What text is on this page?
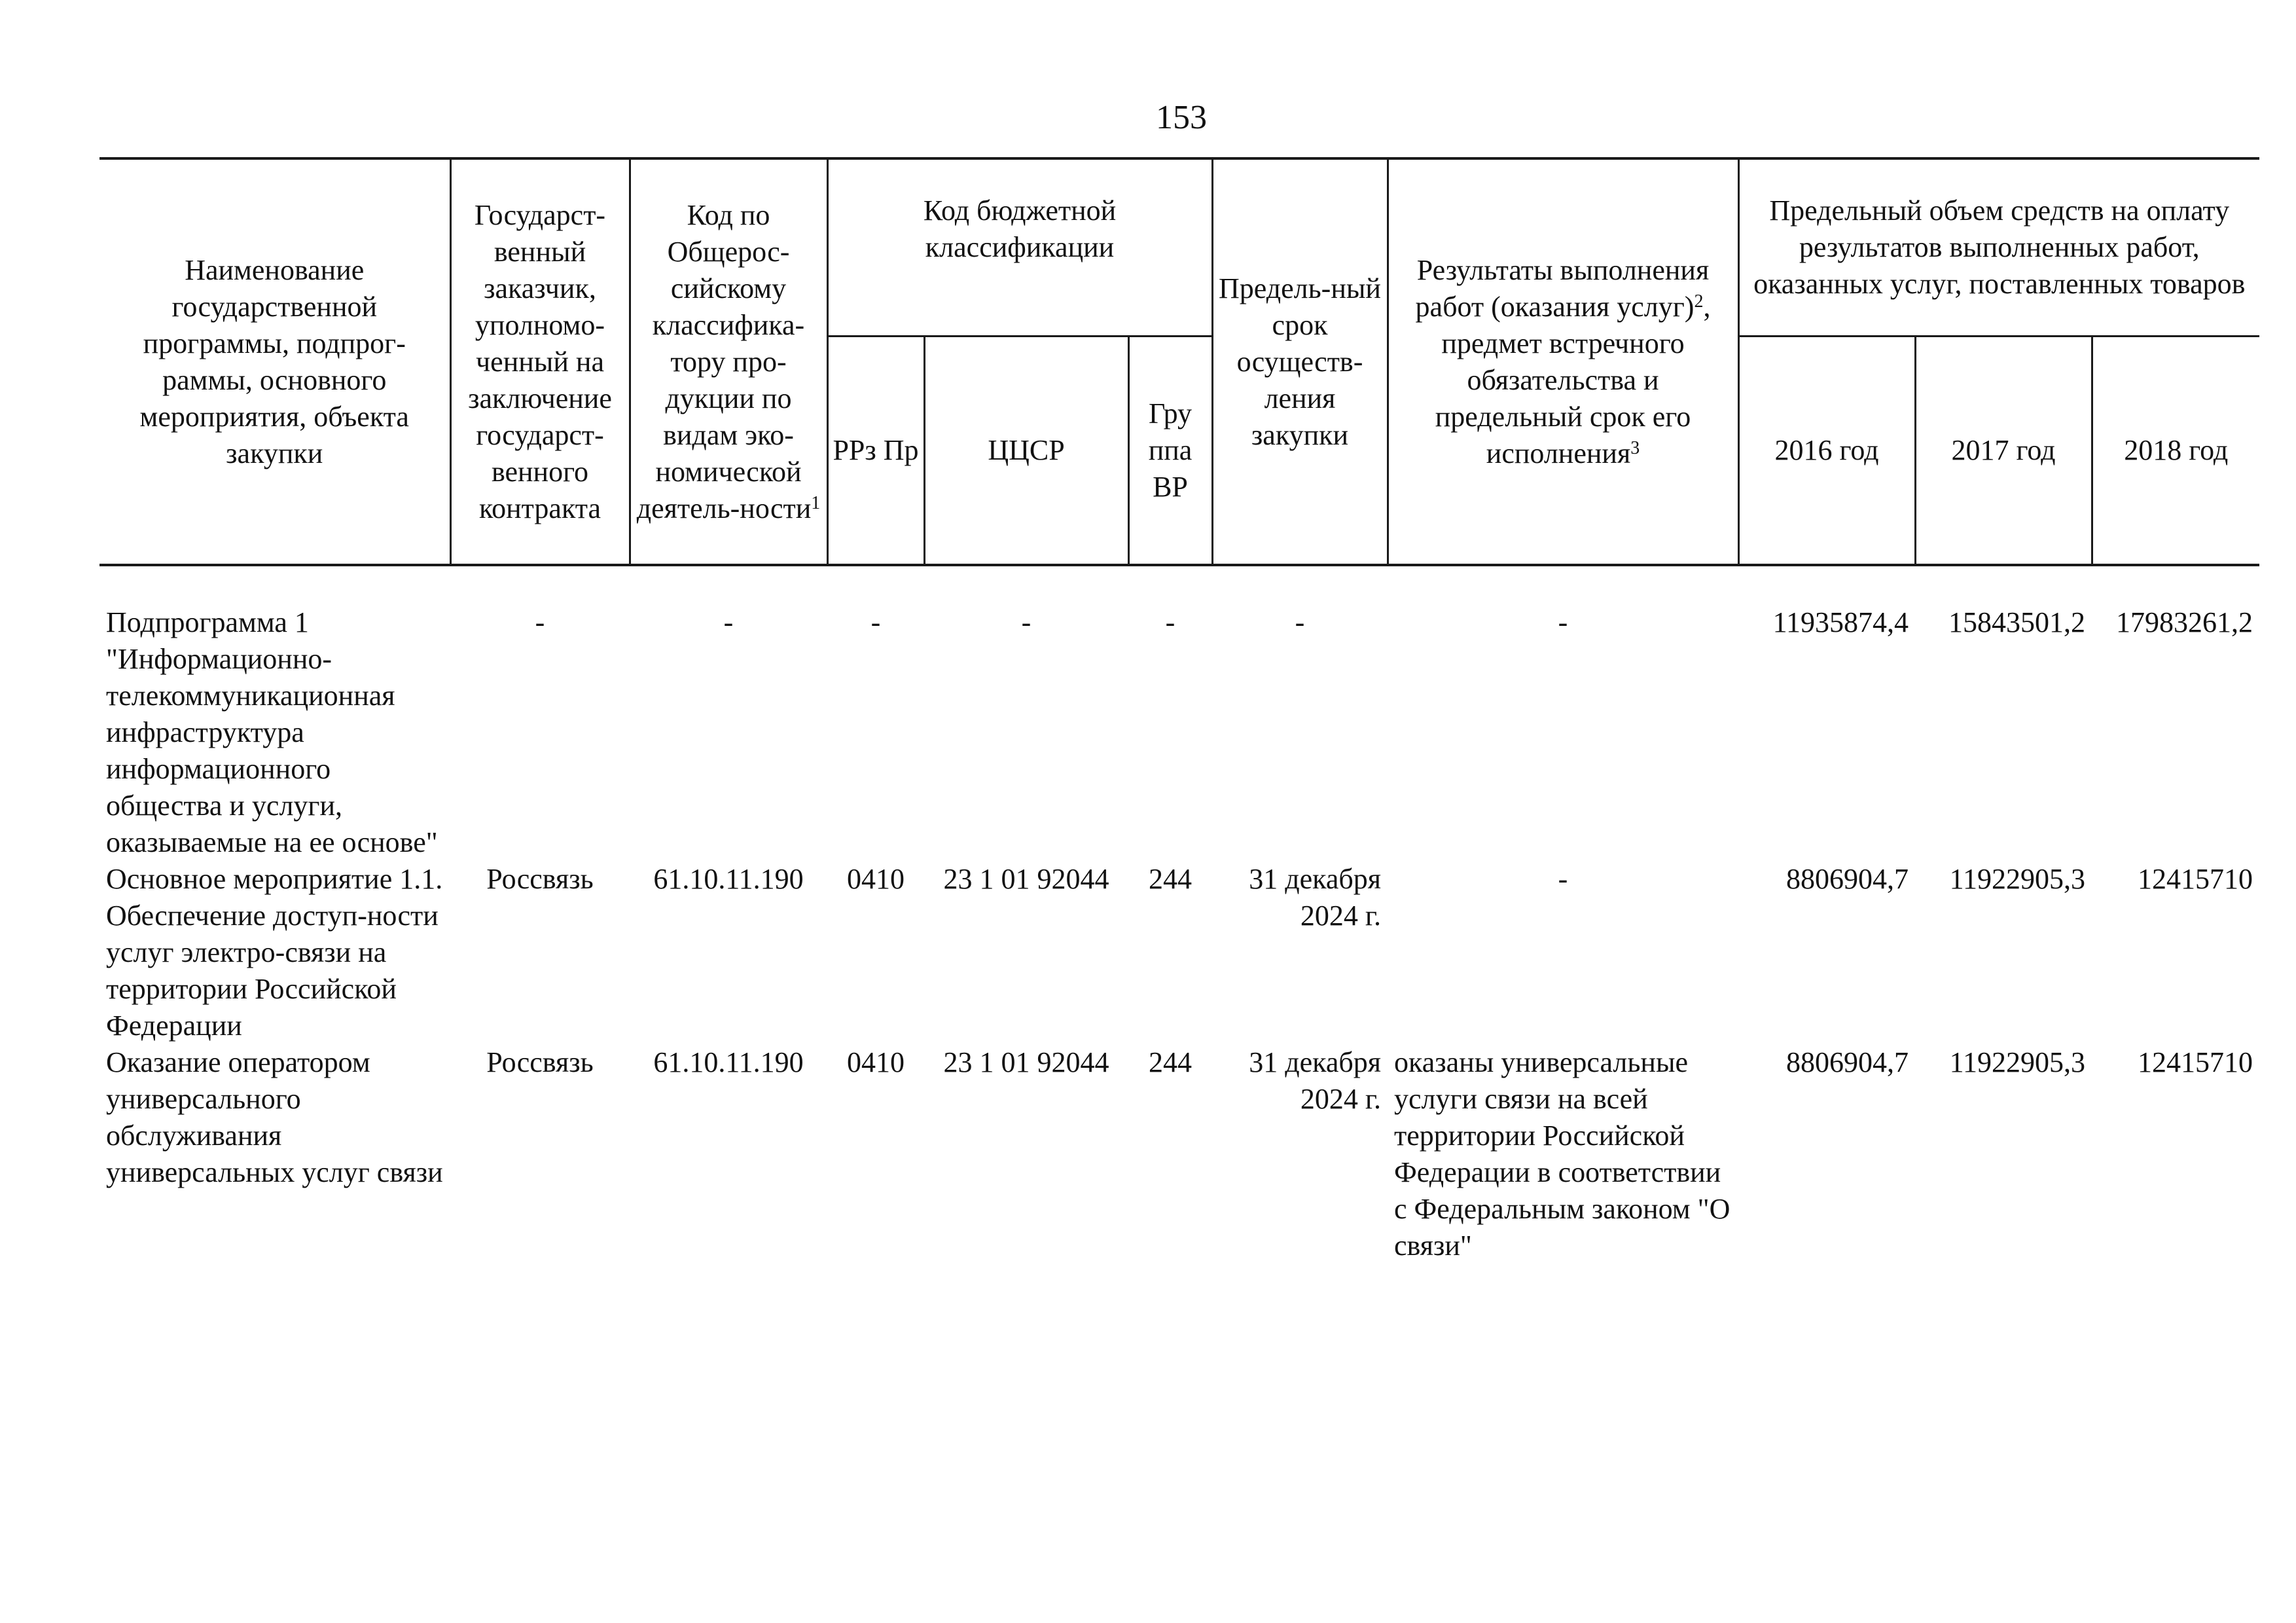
153
Наименование государственной программы, подпрог-раммы, основного мероприятия, объекта закупки	Государст-венный заказчик, уполномо-ченный на заключение государст-венного контракта	Код по Общерос-сийскому классифика-тору про-дукции по видам эко-номической деятель-ности$^1$	Код бюджетной классификации			Предель-ный срок осуществ-ления закупки	Результаты выполнения работ (оказания услуг)$^2$, предмет встречного обязательства и предельный срок его исполнения$^3$	Предельный объем средств на оплату результатов выполненных работ, оказанных услуг, поставленных товаров		
			РРз Пр	ЦЦСР	Гру ппа ВР			2016 год	2017 год	2018 год

Подпрограмма 1 "Информационно-телекоммуникационная инфраструктура информационного общества и услуги, оказываемые на ее основе"	-	-	-	-	-	-	-	11935874,4	15843501,2	17983261,2
Основное мероприятие 1.1. Обеспечение доступ-ности услуг электро-связи на территории Российской Федерации	Россвязь	61.10.11.190	0410	23 1 01 92044	244	31 декабря 2024 г.	-	8806904,7	11922905,3	12415710
Оказание оператором универсального обслуживания универсальных услуг связи	Россвязь	61.10.11.190	0410	23 1 01 92044	244	31 декабря 2024 г.	оказаны универсальные услуги связи на всей территории Российской Федерации в соответствии с Федеральным законом "О связи"	8806904,7	11922905,3	12415710
